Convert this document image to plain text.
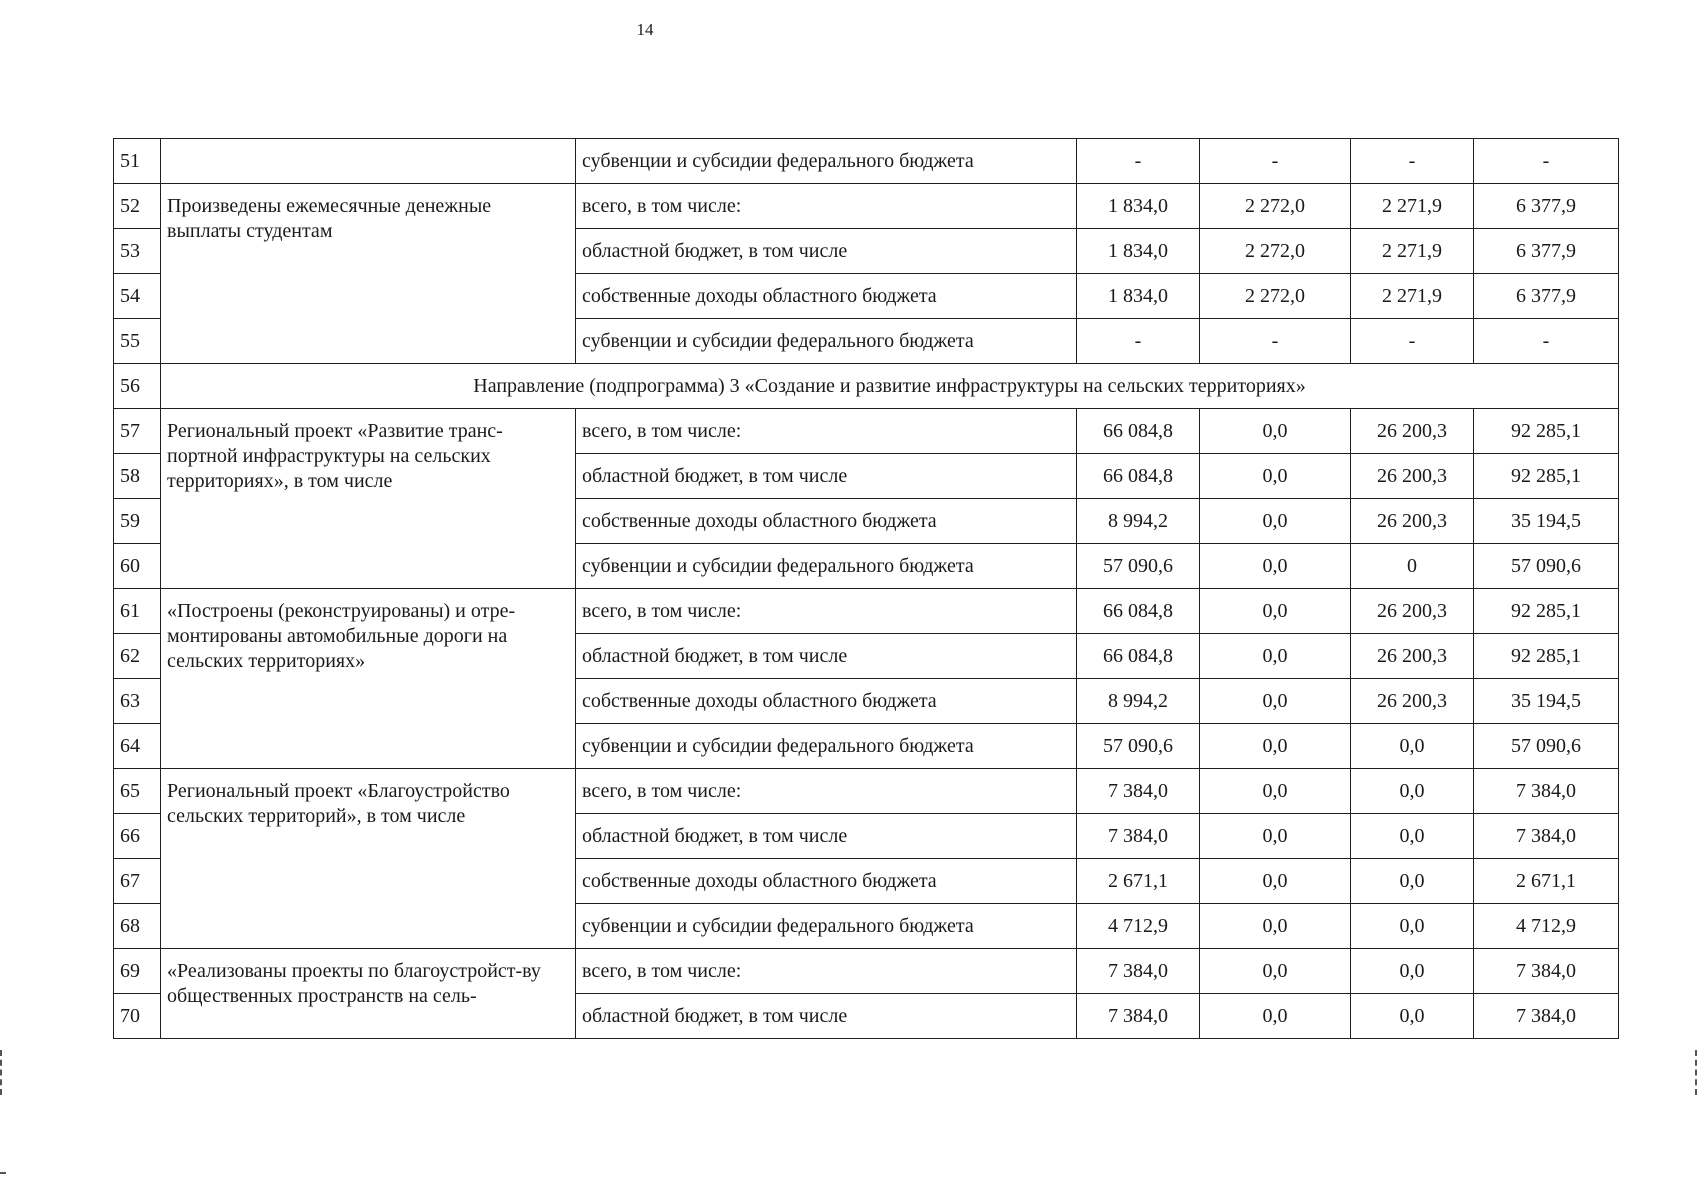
14
51		субвенции и субсидии федерального бюджета	-	-	-	-
52	Произведены ежемесячные денежные выплаты студентам	всего, в том числе:	1 834,0	2 272,0	2 271,9	6 377,9
53		областной бюджет, в том числе	1 834,0	2 272,0	2 271,9	6 377,9
54		собственные доходы областного бюджета	1 834,0	2 272,0	2 271,9	6 377,9
55		субвенции и субсидии федерального бюджета	-	-	-	-
56	Направление (подпрограмма) 3 «Создание и развитие инфраструктуры на сельских территориях»					
57	Региональный проект «Развитие транс-портной инфраструктуры на сельских территориях», в том числе	всего, в том числе:	66 084,8	0,0	26 200,3	92 285,1
58		областной бюджет, в том числе	66 084,8	0,0	26 200,3	92 285,1
59		собственные доходы областного бюджета	8 994,2	0,0	26 200,3	35 194,5
60		субвенции и субсидии федерального бюджета	57 090,6	0,0	0	57 090,6
61	«Построены (реконструированы) и отре-монтированы автомобильные дороги на сельских территориях»	всего, в том числе:	66 084,8	0,0	26 200,3	92 285,1
62		областной бюджет, в том числе	66 084,8	0,0	26 200,3	92 285,1
63		собственные доходы областного бюджета	8 994,2	0,0	26 200,3	35 194,5
64		субвенции и субсидии федерального бюджета	57 090,6	0,0	0,0	57 090,6
65	Региональный проект «Благоустройство сельских территорий», в том числе	всего, в том числе:	7 384,0	0,0	0,0	7 384,0
66		областной бюджет, в том числе	7 384,0	0,0	0,0	7 384,0
67		собственные доходы областного бюджета	2 671,1	0,0	0,0	2 671,1
68		субвенции и субсидии федерального бюджета	4 712,9	0,0	0,0	4 712,9
69	«Реализованы проекты по благоустройст-ву общественных пространств на сель-	всего, в том числе:	7 384,0	0,0	0,0	7 384,0
70		областной бюджет, в том числе	7 384,0	0,0	0,0	7 384,0
